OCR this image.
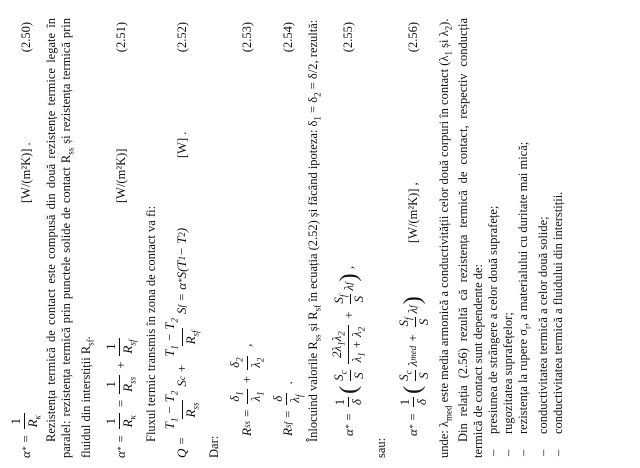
α
*
=
1 $R_\kappa$
[W/(m²K)] .
(2.50) Rezistența termică de contact este compusă din două rezistențe termice legate în paralel: rezistența termică prin punctele solide de contact $R_{ss}$ și rezistența termică prin fluidul din interstiții $R_{sf}$.

α
*
=
1 $R_\kappa$
=
1 $R_{ss}$
+
1 $R_{sf}$
[W/(m²K)]
(2.51)

Fluxul termic transmis în zona de contact va fi:

Q =
$T_1 - T_2$
$R_{ss}$
S
c
+
$T_1 - T_2$
$R_{sf}$
S
f
= α
*
S(T
1
− T
2
)
[W] .
(2.52)
Dar:
R
ss
=
$\delta_1$
$\lambda_1$
+
$\delta_2$
$\lambda_2$
,
(2.53)
R
sf
=
δ $\lambda_f$
.
(2.54)

Înlocuind valorile $R_{ss}$ și $R_{sf}$ în ecuația (2.52) și făcând ipoteza: $\delta_1 = \delta_2 = \delta/2$, rezultă:

α
*
=
1 δ
(
$S_c$ S
$2\lambda_1\lambda_2$
$\lambda_1 + \lambda_2$
+
$S_f$
S
λ
f
)
,
(2.55)
sau:
α
*
=
1 δ
(
$S_c$ S
λ
med
+
$S_f$
S
λ
f
)
[W/(m²K)] ,
(2.56)

unde: $\lambda_{med}$ este media armonică a conductivității celor două corpuri în contact ($\lambda_1$ și $\lambda_2$). Din relația (2.56) rezultă că rezistența termică de contact, respectiv conducția termică de contact sunt dependente de: –
presiunea de strângere a celor două suprafețe;
–
rugozitatea suprafețelor;
–
rezistența la rupere $\sigma_r$, a materialului cu duritate mai mică;
–
conductivitatea termică a celor două solide;
–
conductivitatea termică a fluidului din interstiții.
